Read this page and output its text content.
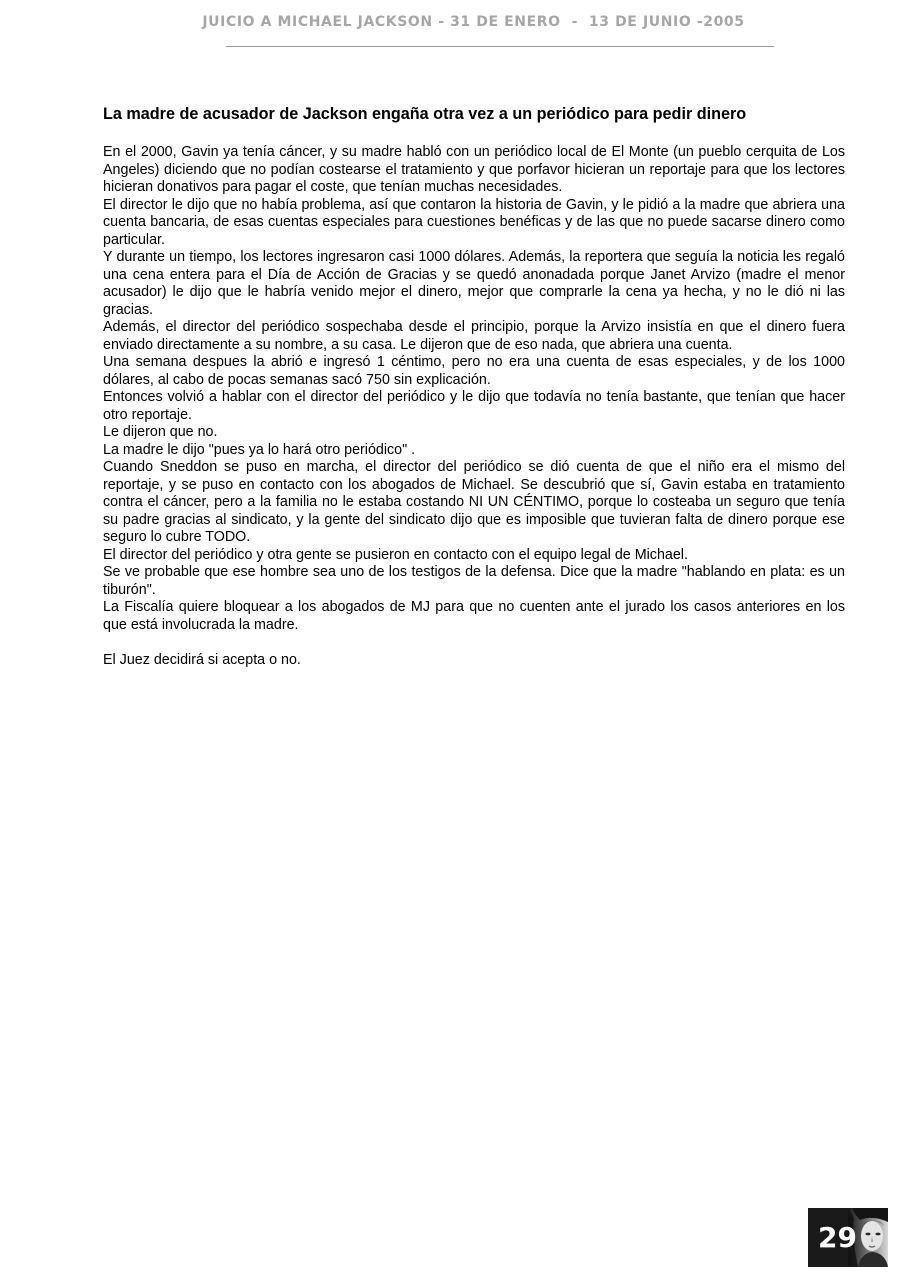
JUICIO A MICHAEL JACKSON - 31 DE ENERO  -  13 DE JUNIO -2005

La madre de acusador de Jackson engaña otra vez a un periódico para pedir dinero

En el 2000, Gavin ya tenía cáncer, y su madre habló con un periódico local de El Monte (un pueblo cerquita de Los Angeles) diciendo que no podían costearse el tratamiento y que porfavor hicieran un reportaje para que los lectores hicieran donativos para pagar el coste, que tenían muchas necesidades.

El director le dijo que no había problema, así que contaron la historia de Gavin, y le pidió a la madre que abriera una cuenta bancaria, de esas cuentas especiales para cuestiones benéficas y de las que no puede sacarse dinero como particular.

Y durante un tiempo, los lectores ingresaron casi 1000 dólares. Además, la reportera que seguía la noticia les regaló una cena entera para el Día de Acción de Gracias y se quedó anonadada porque Janet Arvizo (madre el menor acusador) le dijo que le habría venido mejor el dinero, mejor que comprarle la cena ya hecha, y no le dió ni las gracias.

Además, el director del periódico sospechaba desde el principio, porque la Arvizo insistía en que el dinero fuera enviado directamente a su nombre, a su casa. Le dijeron que de eso nada, que abriera una cuenta.

Una semana despues la abrió e ingresó 1 céntimo, pero no era una cuenta de esas especiales, y de los 1000 dólares, al cabo de pocas semanas sacó 750 sin explicación.

Entonces volvió a hablar con el director del periódico y le dijo que todavía no tenía bastante, que tenían que hacer otro reportaje.

Le dijeron que no.

La madre le dijo "pues ya lo hará otro periódico" .

Cuando Sneddon se puso en marcha, el director del periódico se dió cuenta de que el niño era el mismo del reportaje, y se puso en contacto con los abogados de Michael. Se descubrió que sí, Gavin estaba en tratamiento contra el cáncer, pero a la familia no le estaba costando NI UN CÉNTIMO, porque lo costeaba un seguro que tenía su padre gracias al sindicato, y la gente del sindicato dijo que es imposible que tuvieran falta de dinero porque ese seguro lo cubre TODO.

El director del periódico y otra gente se pusieron en contacto con el equipo legal de Michael.

Se ve probable que ese hombre sea uno de los testigos de la defensa. Dice que la madre "hablando en plata: es un tiburón".

La Fiscalía quiere bloquear a los abogados de MJ para que no cuenten ante el jurado los casos anteriores en los que está involucrada la madre.

El Juez decidirá si acepta o no.

29
